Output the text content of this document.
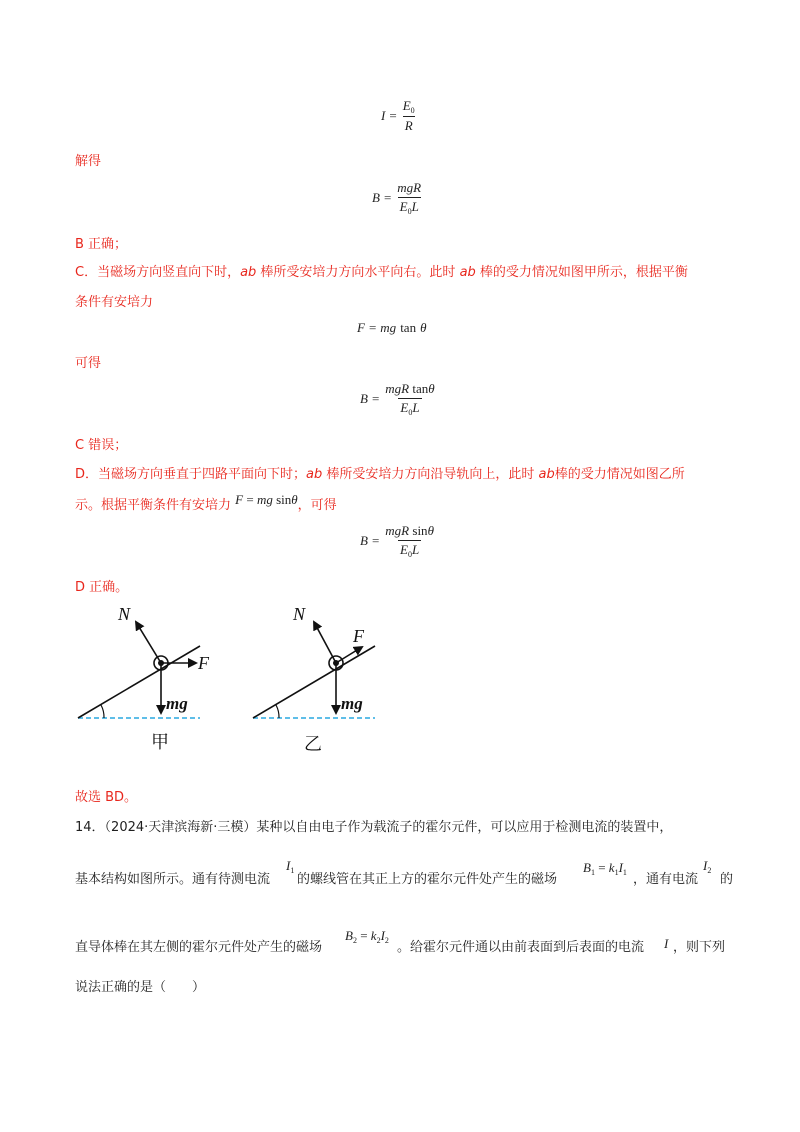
$I = \frac{E_0}{R}$
解得
$B = \frac{\text{mgR}}{E_0L}$
B 正确；
C．当磁场方向竖直向下时，ab 棒所受安培力方向水平向右。此时 ab 棒的受力情况如图甲所示，根据平衡
条件有安培力
F = mg tan θ
可得
$B = \frac{\text{mgR tanθ}}{E_0L}$
C 错误；
D．当磁场方向垂直于四路平面向下时；ab 棒所受安培力方向沿导轨向上，此时 ab棒的受力情况如图乙所
示。根据平衡条件有安培力 F = mg sinθ，可得
$B = \frac{\text{mgR sinθ}}{E_0L}$
D 正确。
N
F
mg
甲
N
F
mg
乙
故选 BD。
14．（2024·天津滨海新·三模）某种以自由电子作为载流子的霍尔元件，可以应用于检测电流的装置中，
基本结构如图所示。通有待测电流
$I_1$
的螺线管在其正上方的霍尔元件处产生的磁场
$B_1 = k_1I_1$ ，通有电流
$I_2$
的
直导体棒在其左侧的霍尔元件处产生的磁场
$B_2 = k_2I_2$ 。给霍尔元件通以由前表面到后表面的电流 I ，则下列
说法正确的是（　　）
